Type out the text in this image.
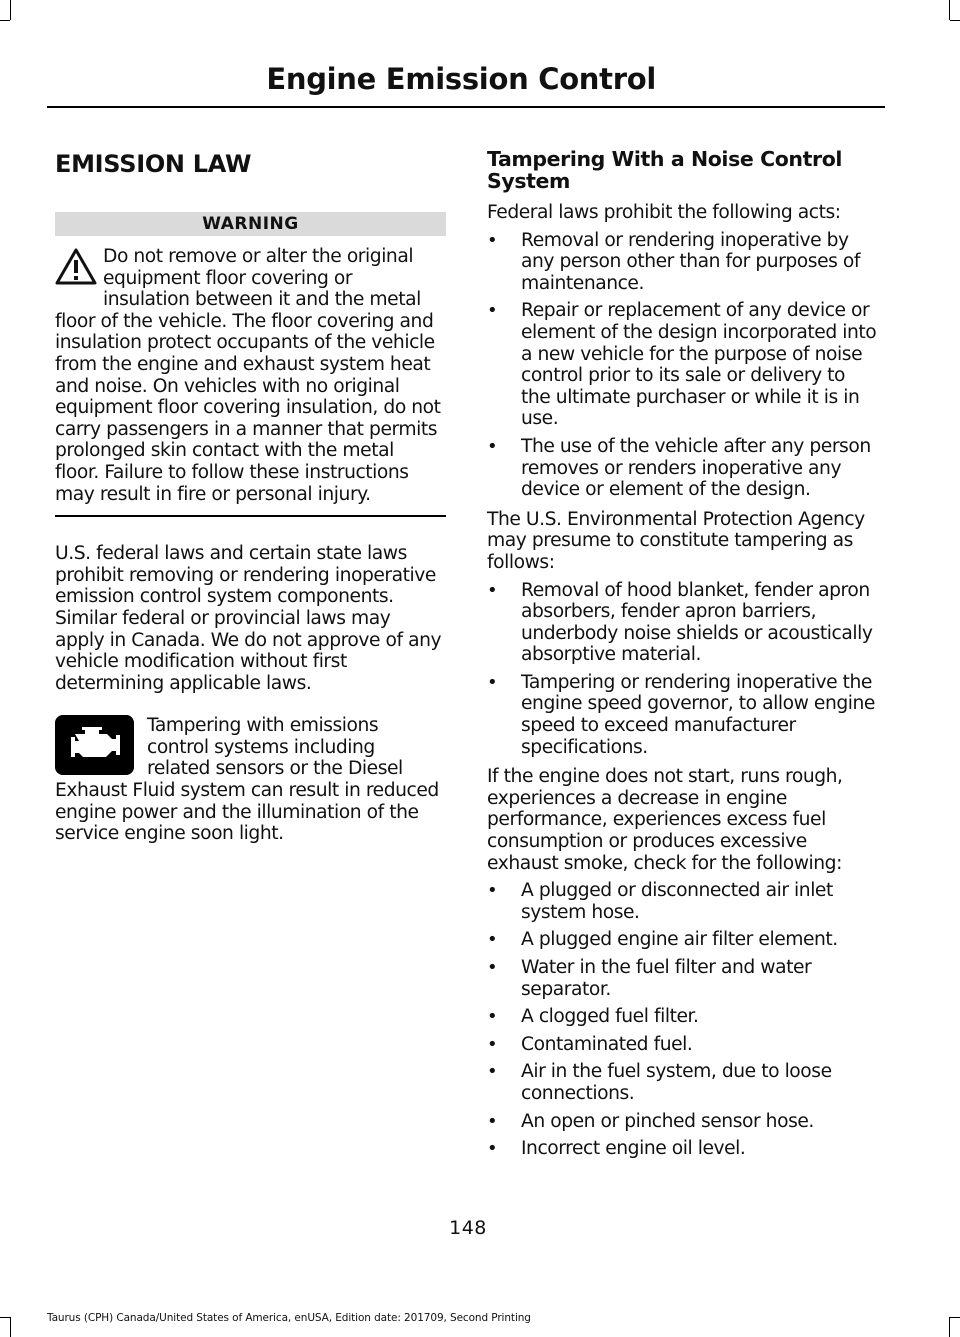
Engine Emission Control
EMISSION LAW
WARNING

Do not remove or alter the original

equipment floor covering or

insulation between it and the metal

floor of the vehicle. The floor covering and

insulation protect occupants of the vehicle

from the engine and exhaust system heat

and noise. On vehicles with no original

equipment floor covering insulation, do not

carry passengers in a manner that permits

prolonged skin contact with the metal

floor. Failure to follow these instructions

may result in fire or personal injury.

U.S. federal laws and certain state laws

prohibit removing or rendering inoperative

emission control system components.

Similar federal or provincial laws may

apply in Canada. We do not approve of any

vehicle modification without first

determining applicable laws.

Tampering with emissions

control systems including

related sensors or the Diesel

Exhaust Fluid system can result in reduced

engine power and the illumination of the

service engine soon light.

Tampering With a Noise Control
System

Federal laws prohibit the following acts:

• Removal or rendering inoperative by

any person other than for purposes of

maintenance.

• Repair or replacement of any device or

element of the design incorporated into

a new vehicle for the purpose of noise

control prior to its sale or delivery to

the ultimate purchaser or while it is in

use.

• The use of the vehicle after any person

removes or renders inoperative any

device or element of the design.

The U.S. Environmental Protection Agency

may presume to constitute tampering as

follows:

• Removal of hood blanket, fender apron

absorbers, fender apron barriers,

underbody noise shields or acoustically

absorptive material.

• Tampering or rendering inoperative the

engine speed governor, to allow engine

speed to exceed manufacturer

specifications.

If the engine does not start, runs rough,

experiences a decrease in engine

performance, experiences excess fuel

consumption or produces excessive

exhaust smoke, check for the following:

• A plugged or disconnected air inlet

system hose.

• A plugged engine air filter element.

• Water in the fuel filter and water

separator.

• A clogged fuel filter.

• Contaminated fuel.

• Air in the fuel system, due to loose

connections.

• An open or pinched sensor hose.

• Incorrect engine oil level.

148
Taurus (CPH) Canada/United States of America, enUSA, Edition date: 201709, Second Printing
